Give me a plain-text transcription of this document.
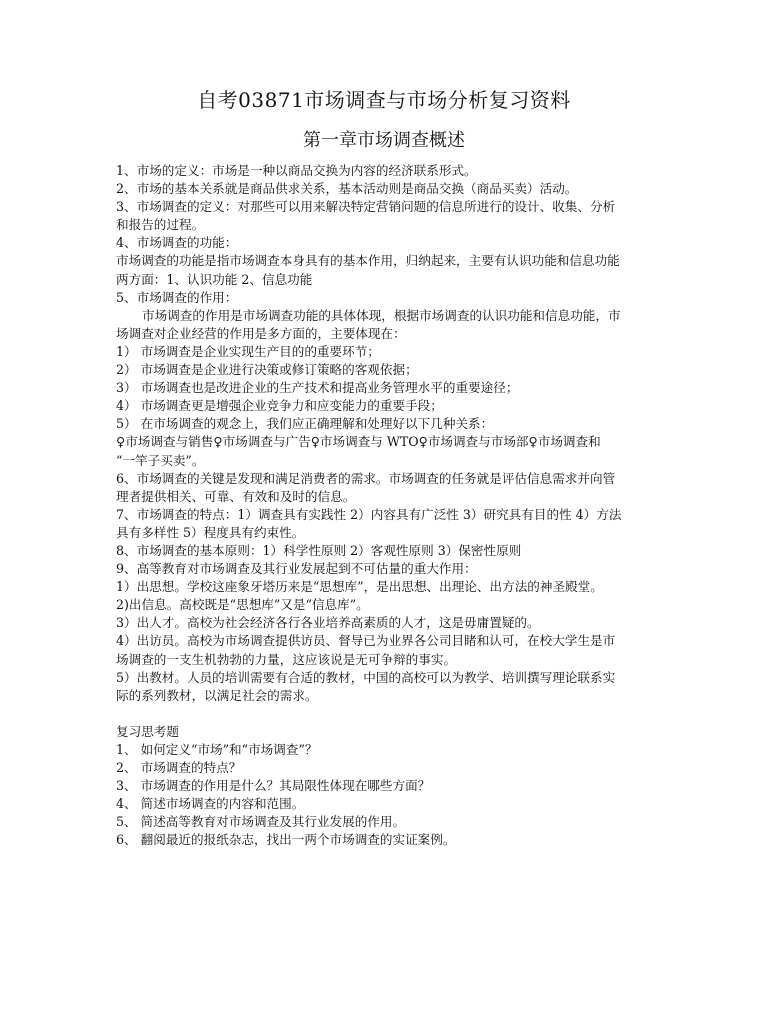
自考03871市场调查与市场分析复习资料
第一章市场调查概述
1、市场的定义：市场是一种以商品交换为内容的经济联系形式。
2、市场的基本关系就是商品供求关系，基本活动则是商品交换（商品买卖）活动。
3、市场调查的定义：对那些可以用来解决特定营销问题的信息所进行的设计、收集、分析
和报告的过程。
4、市场调查的功能：
市场调查的功能是指市场调查本身具有的基本作用，归纳起来，主要有认识功能和信息功能
两方面：1、认识功能 2、信息功能
5、市场调查的作用：
市场调查的作用是市场调查功能的具体体现，根据市场调查的认识功能和信息功能，市
场调查对企业经营的作用是多方面的，主要体现在：
1） 市场调查是企业实现生产目的的重要环节；
2） 市场调查是企业进行决策或修订策略的客观依据；
3） 市场调查也是改进企业的生产技术和提高业务管理水平的重要途径；
4） 市场调查更是增强企业竞争力和应变能力的重要手段；
5） 在市场调查的观念上，我们应正确理解和处理好以下几种关系：
♀市场调查与销售♀市场调查与广告♀市场调查与 WTO♀市场调查与市场部♀市场调查和
“一竿子买卖”。
6、市场调查的关键是发现和满足消费者的需求。市场调查的任务就是评估信息需求并向管
理者提供相关、可靠、有效和及时的信息。
7、市场调查的特点：1）调查具有实践性 2）内容具有广泛性 3）研究具有目的性 4）方法
具有多样性 5）程度具有约束性。
8、市场调查的基本原则：1）科学性原则 2）客观性原则 3）保密性原则
9、高等教育对市场调查及其行业发展起到不可估量的重大作用：
1）出思想。学校这座象牙塔历来是“思想库”，是出思想、出理论、出方法的神圣殿堂。
2)出信息。高校既是“思想库”又是“信息库”。
3）出人才。高校为社会经济各行各业培养高素质的人才，这是毋庸置疑的。
4）出访员。高校为市场调查提供访员、督导已为业界各公司目睹和认可，在校大学生是市
场调查的一支生机勃勃的力量，这应该说是无可争辩的事实。
5）出教材。人员的培训需要有合适的教材，中国的高校可以为教学、培训撰写理论联系实
际的系列教材，以满足社会的需求。
复习思考题
1、 如何定义“市场”和“市场调查”？
2、 市场调查的特点？
3、 市场调查的作用是什么？其局限性体现在哪些方面？
4、 简述市场调查的内容和范围。
5、 简述高等教育对市场调查及其行业发展的作用。
6、 翻阅最近的报纸杂志，找出一两个市场调查的实证案例。
